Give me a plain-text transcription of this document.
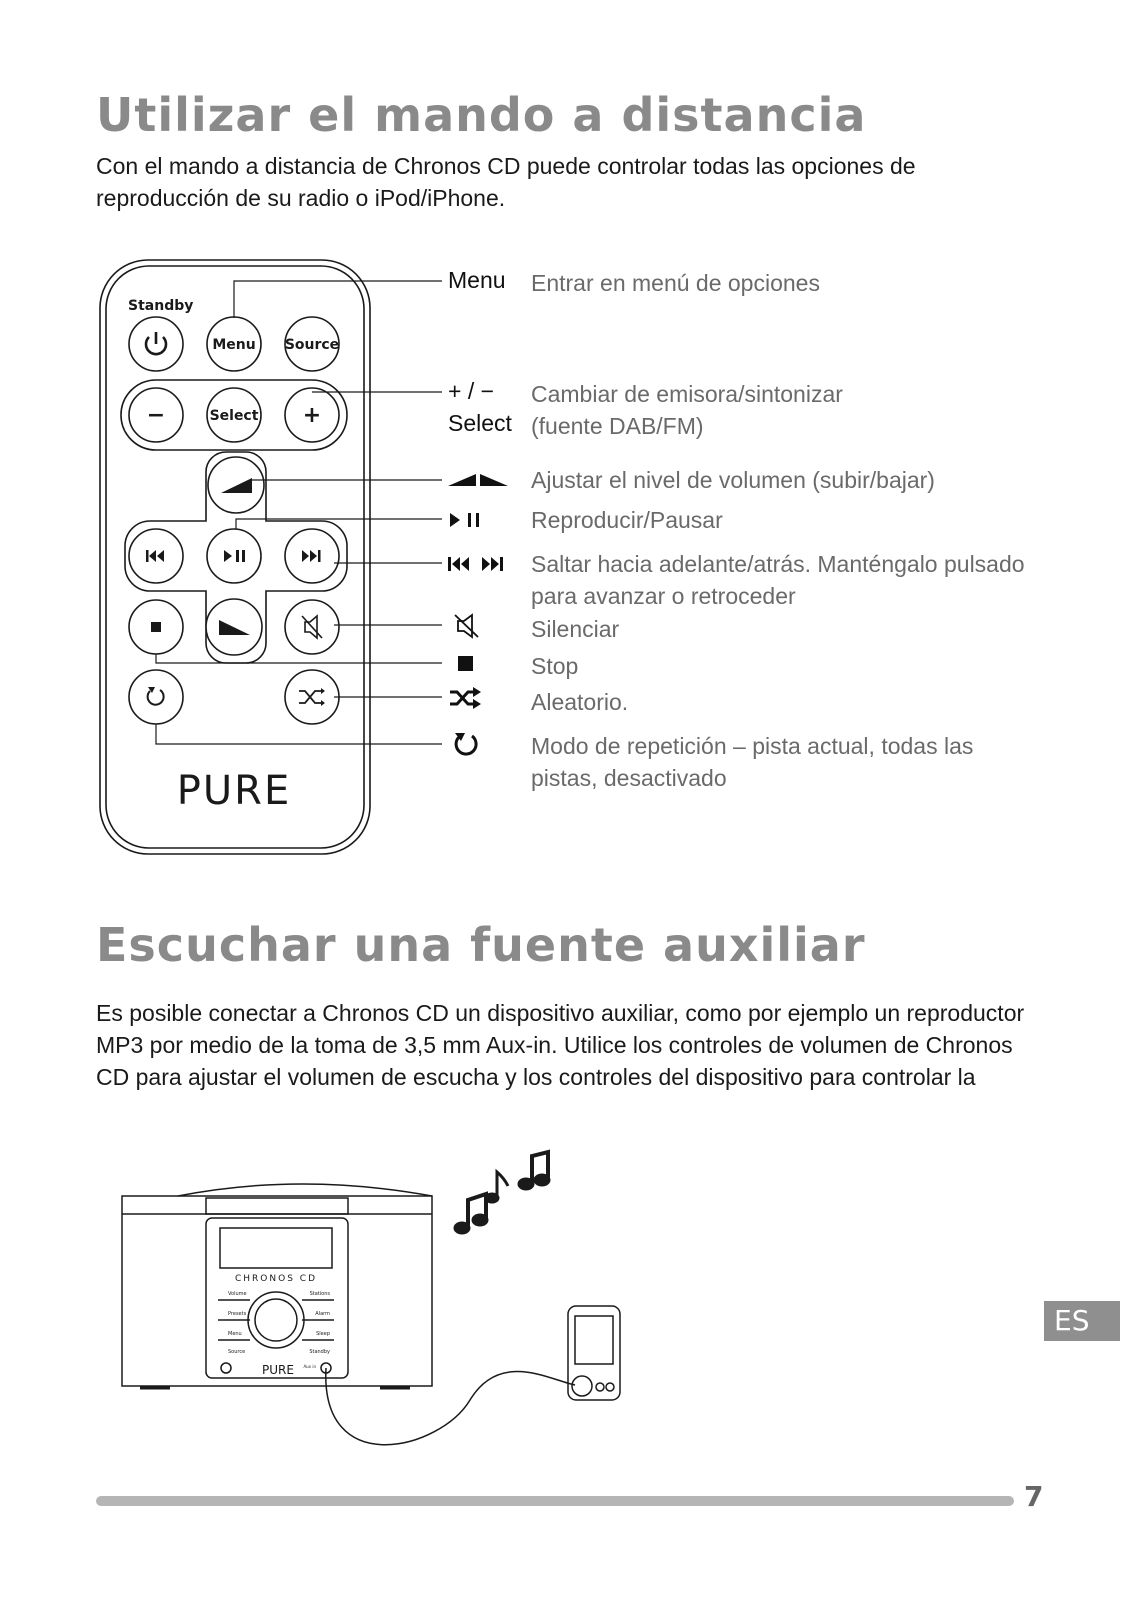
Utilizar el mando a distancia

Con el mando a distancia de Chronos CD puede controlar todas las opciones de
reproducción de su radio o iPod/iPhone.

Standby
Menu Source
−	Select +
PURE
Menu
+ / −
Select
Entrar en menú de opciones
Cambiar de emisora/sintonizar
(fuente DAB/FM)
Ajustar el nivel de volumen (subir/bajar)
Reproducir/Pausar
Saltar hacia adelante/atrás. Manténgalo pulsado
para avanzar o retroceder
Silenciar
Stop
Aleatorio.
Modo de repetición – pista actual, todas las
pistas, desactivado
Escuchar una fuente auxiliar

Es posible conectar a Chronos CD un dispositivo auxiliar, como por ejemplo un reproductor
MP3 por medio de la toma de 3,5 mm Aux-in. Utilice los controles de volumen de Chronos
CD para ajustar el volumen de escucha y los controles del dispositivo para controlar la

CHRONOS CD
Volume
Presets
Menu
Source
Stations
Alarm
Sleep
Standby
PURE Aux in
ES
7
